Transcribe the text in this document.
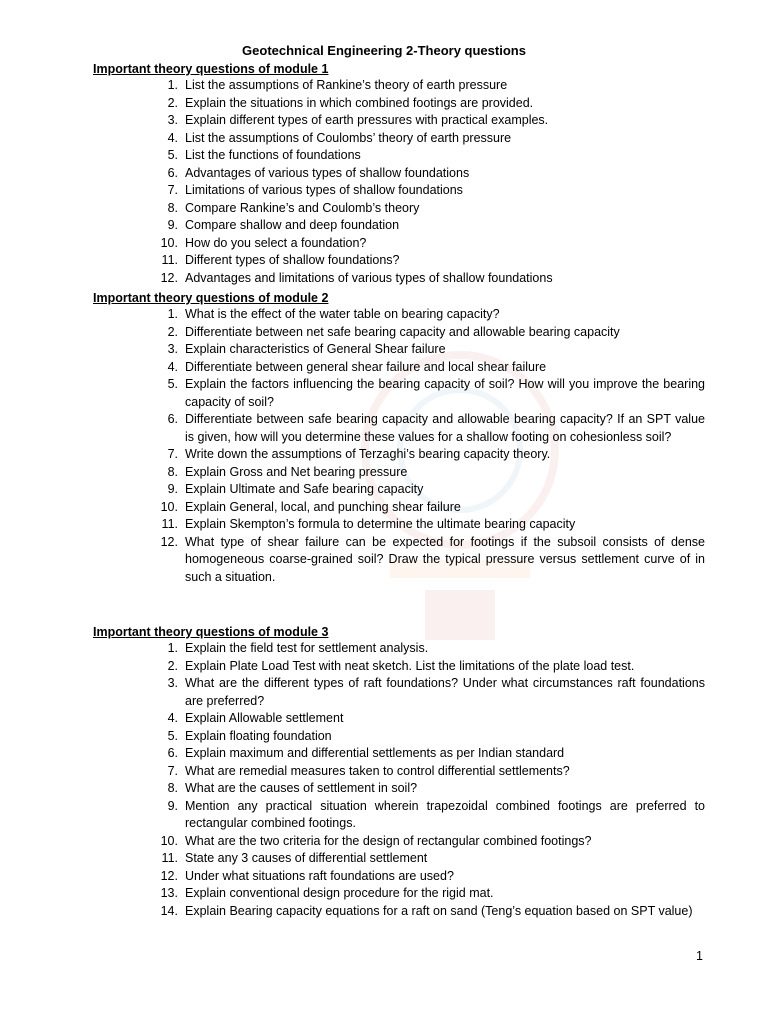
Geotechnical Engineering 2-Theory questions
Important theory questions of module 1
1. List the assumptions of Rankine’s theory of earth pressure
2. Explain the situations in which combined footings are provided.
3. Explain different types of earth pressures with practical examples.
4. List the assumptions of Coulombs’ theory of earth pressure
5. List the functions of foundations
6. Advantages of various types of shallow foundations
7. Limitations of various types of shallow foundations
8. Compare Rankine’s and Coulomb’s theory
9. Compare shallow and deep foundation
10. How do you select a foundation?
11. Different types of shallow foundations?
12. Advantages and limitations of various types of shallow foundations
Important theory questions of module 2
1. What is the effect of the water table on bearing capacity?
2. Differentiate between net safe bearing capacity and allowable bearing capacity
3. Explain characteristics of General Shear failure
4. Differentiate between general shear failure and local shear failure
5. Explain the factors influencing the bearing capacity of soil? How will you improve the bearing capacity of soil?
6. Differentiate between safe bearing capacity and allowable bearing capacity? If an SPT value is given, how will you determine these values for a shallow footing on cohesionless soil?
7. Write down the assumptions of Terzaghi’s bearing capacity theory.
8. Explain Gross and Net bearing pressure
9. Explain Ultimate and Safe bearing capacity
10. Explain General, local, and punching shear failure
11. Explain Skempton’s formula to determine the ultimate bearing capacity
12. What type of shear failure can be expected for footings if the subsoil consists of dense homogeneous coarse-grained soil? Draw the typical pressure versus settlement curve of in such a situation.
Important theory questions of module 3
1. Explain the field test for settlement analysis.
2. Explain Plate Load Test with neat sketch. List the limitations of the plate load test.
3. What are the different types of raft foundations? Under what circumstances raft foundations are preferred?
4. Explain Allowable settlement
5. Explain floating foundation
6. Explain maximum and differential settlements as per Indian standard
7. What are remedial measures taken to control differential settlements?
8. What are the causes of settlement in soil?
9. Mention any practical situation wherein trapezoidal combined footings are preferred to rectangular combined footings.
10. What are the two criteria for the design of rectangular combined footings?
11. State any 3 causes of differential settlement
12. Under what situations raft foundations are used?
13. Explain conventional design procedure for the rigid mat.
14. Explain Bearing capacity equations for a raft on sand (Teng’s equation based on SPT value)
1
